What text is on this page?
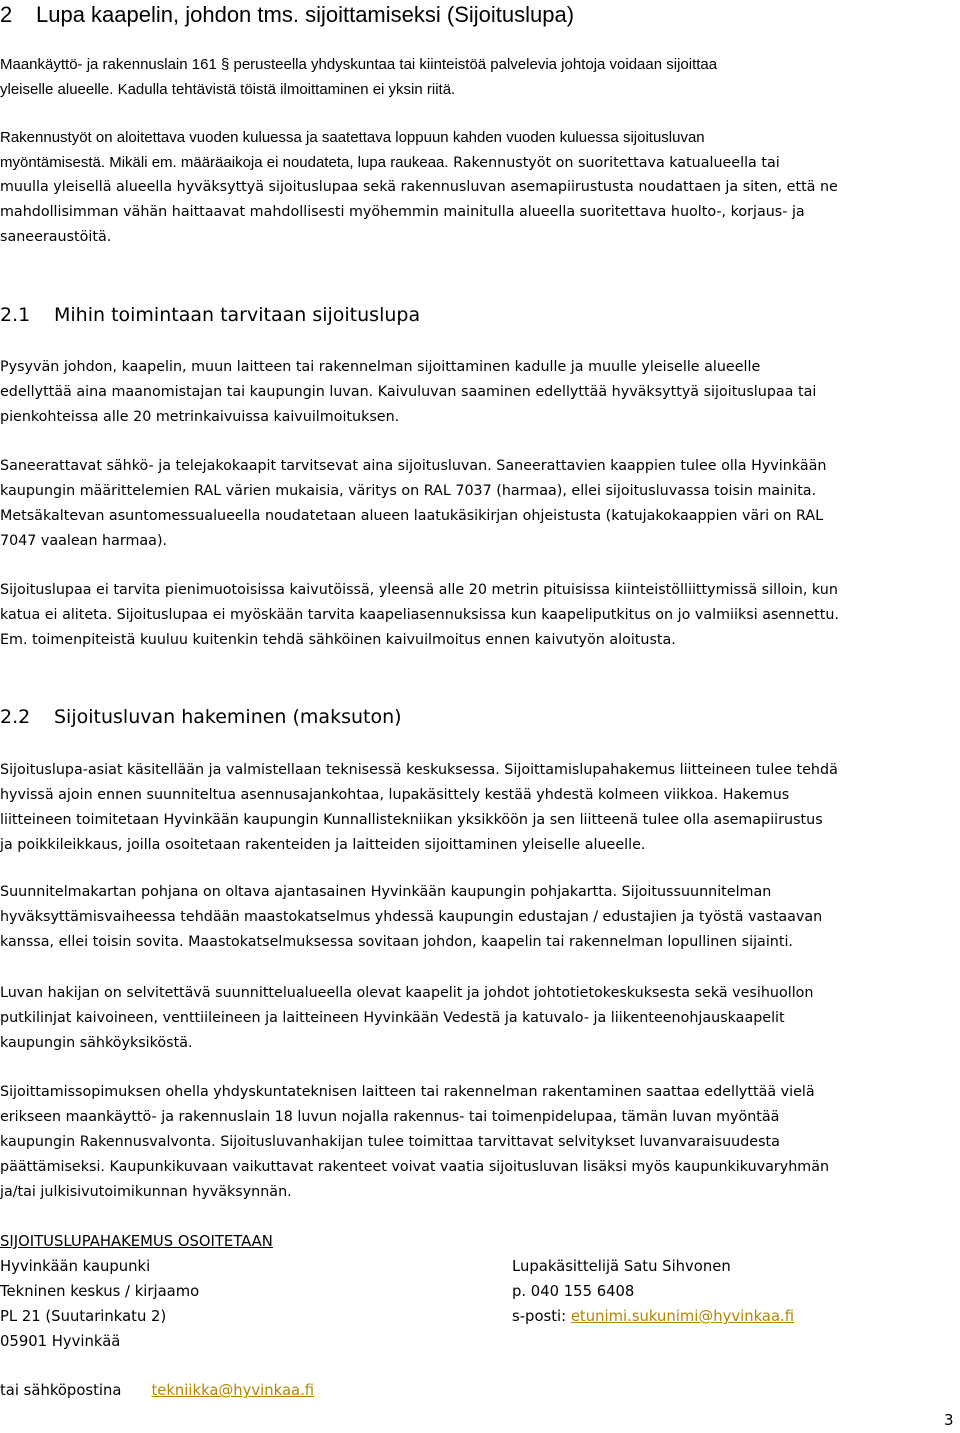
2 Lupa kaapelin, johdon tms. sijoittamiseksi (Sijoituslupa)
Maankäyttö- ja rakennuslain 161 § perusteella yhdyskuntaa tai kiinteistöä palvelevia johtoja voidaan sijoittaa
yleiselle alueelle. Kadulla tehtävistä töistä ilmoittaminen ei yksin riitä.
Rakennustyöt on aloitettava vuoden kuluessa ja saatettava loppuun kahden vuoden kuluessa sijoitusluvan
myöntämisestä. Mikäli em. määräaikoja ei noudateta, lupa raukeaa. Rakennustyöt on suoritettava katualueella tai
muulla yleisellä alueella hyväksyttyä sijoituslupaa sekä rakennusluvan asemapiirustusta noudattaen ja siten, että ne
mahdollisimman vähän haittaavat mahdollisesti myöhemmin mainitulla alueella suoritettava huolto-, korjaus- ja
saneeraustöitä.
2.1 Mihin toimintaan tarvitaan sijoituslupa
Pysyvän johdon, kaapelin, muun laitteen tai rakennelman sijoittaminen kadulle ja muulle yleiselle alueelle
edellyttää aina maanomistajan tai kaupungin luvan. Kaivuluvan saaminen edellyttää hyväksyttyä sijoituslupaa tai
pienkohteissa alle 20 metrinkaivuissa kaivuilmoituksen.
Saneerattavat sähkö- ja telejakokaapit tarvitsevat aina sijoitusluvan. Saneerattavien kaappien tulee olla Hyvinkään
kaupungin määrittelemien RAL värien mukaisia, väritys on RAL 7037 (harmaa), ellei sijoitusluvassa toisin mainita.
Metsäkaltevan asuntomessualueella noudatetaan alueen laatukäsikirjan ohjeistusta (katujakokaappien väri on RAL
7047 vaalean harmaa).
Sijoituslupaa ei tarvita pienimuotoisissa kaivutöissä, yleensä alle 20 metrin pituisissa kiinteistölliittymissä silloin, kun
katua ei aliteta. Sijoituslupaa ei myöskään tarvita kaapeliasennuksissa kun kaapeliputkitus on jo valmiiksi asennettu.
Em. toimenpiteistä kuuluu kuitenkin tehdä sähköinen kaivuilmoitus ennen kaivutyön aloitusta.
2.2 Sijoitusluvan hakeminen (maksuton)
Sijoituslupa-asiat käsitellään ja valmistellaan teknisessä keskuksessa. Sijoittamislupahakemus liitteineen tulee tehdä
hyvissä ajoin ennen suunniteltua asennusajankohtaa, lupakäsittely kestää yhdestä kolmeen viikkoa. Hakemus
liitteineen toimitetaan Hyvinkään kaupungin Kunnallistekniikan yksikköön ja sen liitteenä tulee olla asemapiirustus
ja poikkileikkaus, joilla osoitetaan rakenteiden ja laitteiden sijoittaminen yleiselle alueelle.
Suunnitelmakartan pohjana on oltava ajantasainen Hyvinkään kaupungin pohjakartta. Sijoitussuunnitelman
hyväksyttämisvaiheessa tehdään maastokatselmus yhdessä kaupungin edustajan / edustajien ja työstä vastaavan
kanssa, ellei toisin sovita. Maastokatselmuksessa sovitaan johdon, kaapelin tai rakennelman lopullinen sijainti.
Luvan hakijan on selvitettävä suunnittelualueella olevat kaapelit ja johdot johtotietokeskuksesta sekä vesihuollon
putkilinjat kaivoineen, venttiileineen ja laitteineen Hyvinkään Vedestä ja katuvalo- ja liikenteenohjauskaapelit
kaupungin sähköyksiköstä.
Sijoittamissopimuksen ohella yhdyskuntateknisen laitteen tai rakennelman rakentaminen saattaa edellyttää vielä
erikseen maankäyttö- ja rakennuslain 18 luvun nojalla rakennus- tai toimenpidelupaa, tämän luvan myöntää
kaupungin Rakennusvalvonta. Sijoitusluvanhakijan tulee toimittaa tarvittavat selvitykset luvanvaraisuudesta
päättämiseksi. Kaupunkikuvaan vaikuttavat rakenteet voivat vaatia sijoitusluvan lisäksi myös kaupunkikuvaryhmän
ja/tai julkisivutoimikunnan hyväksynnän.
SIJOITUSLUPAHAKEMUS OSOITETAAN
Hyvinkään kaupunki	Lupakäsittelijä Satu Sihvonen
Tekninen keskus / kirjaamo	p. 040 155 6408
PL 21 (Suutarinkatu 2)	s-posti: etunimi.sukunimi@hyvinkaa.fi
05901 Hyvinkää
tai sähköpostina tekniikka@hyvinkaa.fi
3
